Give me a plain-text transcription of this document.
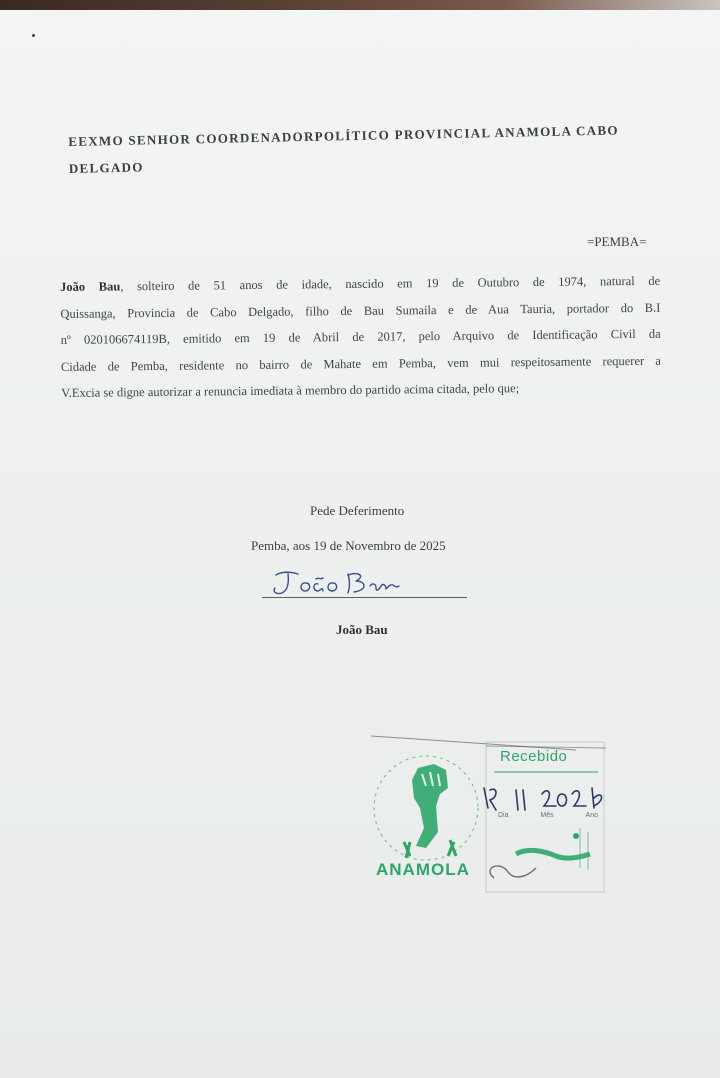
EEXMO SENHOR COORDENADORPOLÍTICO PROVINCIAL ANAMOLA CABO
DELGADO
=PEMBA=
João Bau, solteiro de 51 anos de idade, nascido em 19 de Outubro de 1974, natural de
Quissanga, Provincia de Cabo Delgado, filho de Bau Sumaila e de Aua Tauria, portador do B.I
nº 020106674119B, emitido em 19 de Abril de 2017, pelo Arquivo de Identificação Civil da
Cidade de Pemba, residente no bairro de Mahate em Pemba, vem mui respeitosamente requerer a
V.Excia se digne autorizar a renuncia imediata à membro do partido acima citada, pelo que;
Pede Deferimento
Pemba, aos 19 de Novembro de 2025
João Bau
Recebido
Dia	Mês	Ano
ANAMOLA
